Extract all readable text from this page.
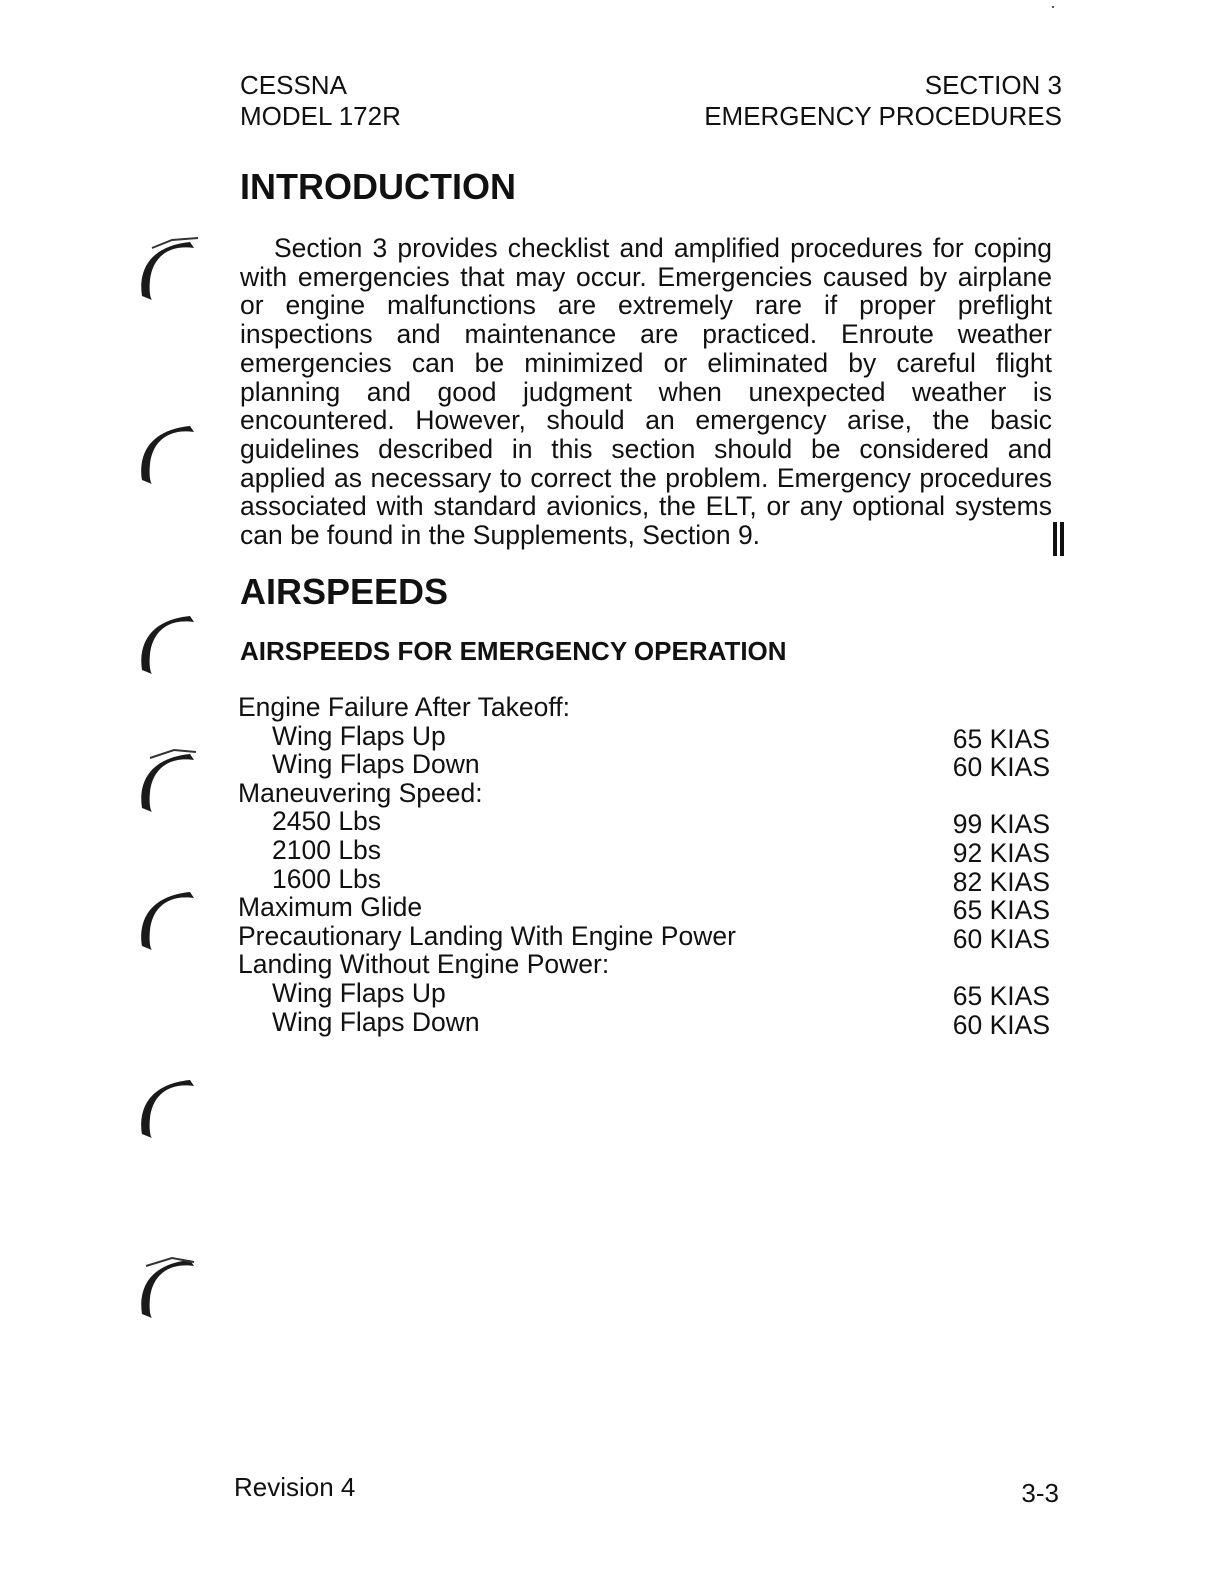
CESSNA
MODEL 172R
SECTION 3
EMERGENCY PROCEDURES
INTRODUCTION

Section 3 provides checklist and amplified procedures for coping with emergencies that may occur. Emergencies caused by airplane or engine malfunctions are extremely rare if proper preflight inspections and maintenance are practiced. Enroute weather emergencies can be minimized or eliminated by careful flight planning and good judgment when unexpected weather is encountered. However, should an emergency arise, the basic guidelines described in this section should be considered and applied as necessary to correct the problem. Emergency procedures associated with standard avionics, the ELT, or any optional systems can be found in the Supplements, Section 9.

AIRSPEEDS
AIRSPEEDS FOR EMERGENCY OPERATION
Engine Failure After Takeoff:
Wing Flaps Up	65 KIAS
Wing Flaps Down	60 KIAS
Maneuvering Speed:
2450 Lbs	99 KIAS
2100 Lbs	92 KIAS
1600 Lbs	82 KIAS
Maximum Glide	65 KIAS
Precautionary Landing With Engine Power	60 KIAS
Landing Without Engine Power:
Wing Flaps Up	65 KIAS
Wing Flaps Down	60 KIAS
Revision 4	3-3
